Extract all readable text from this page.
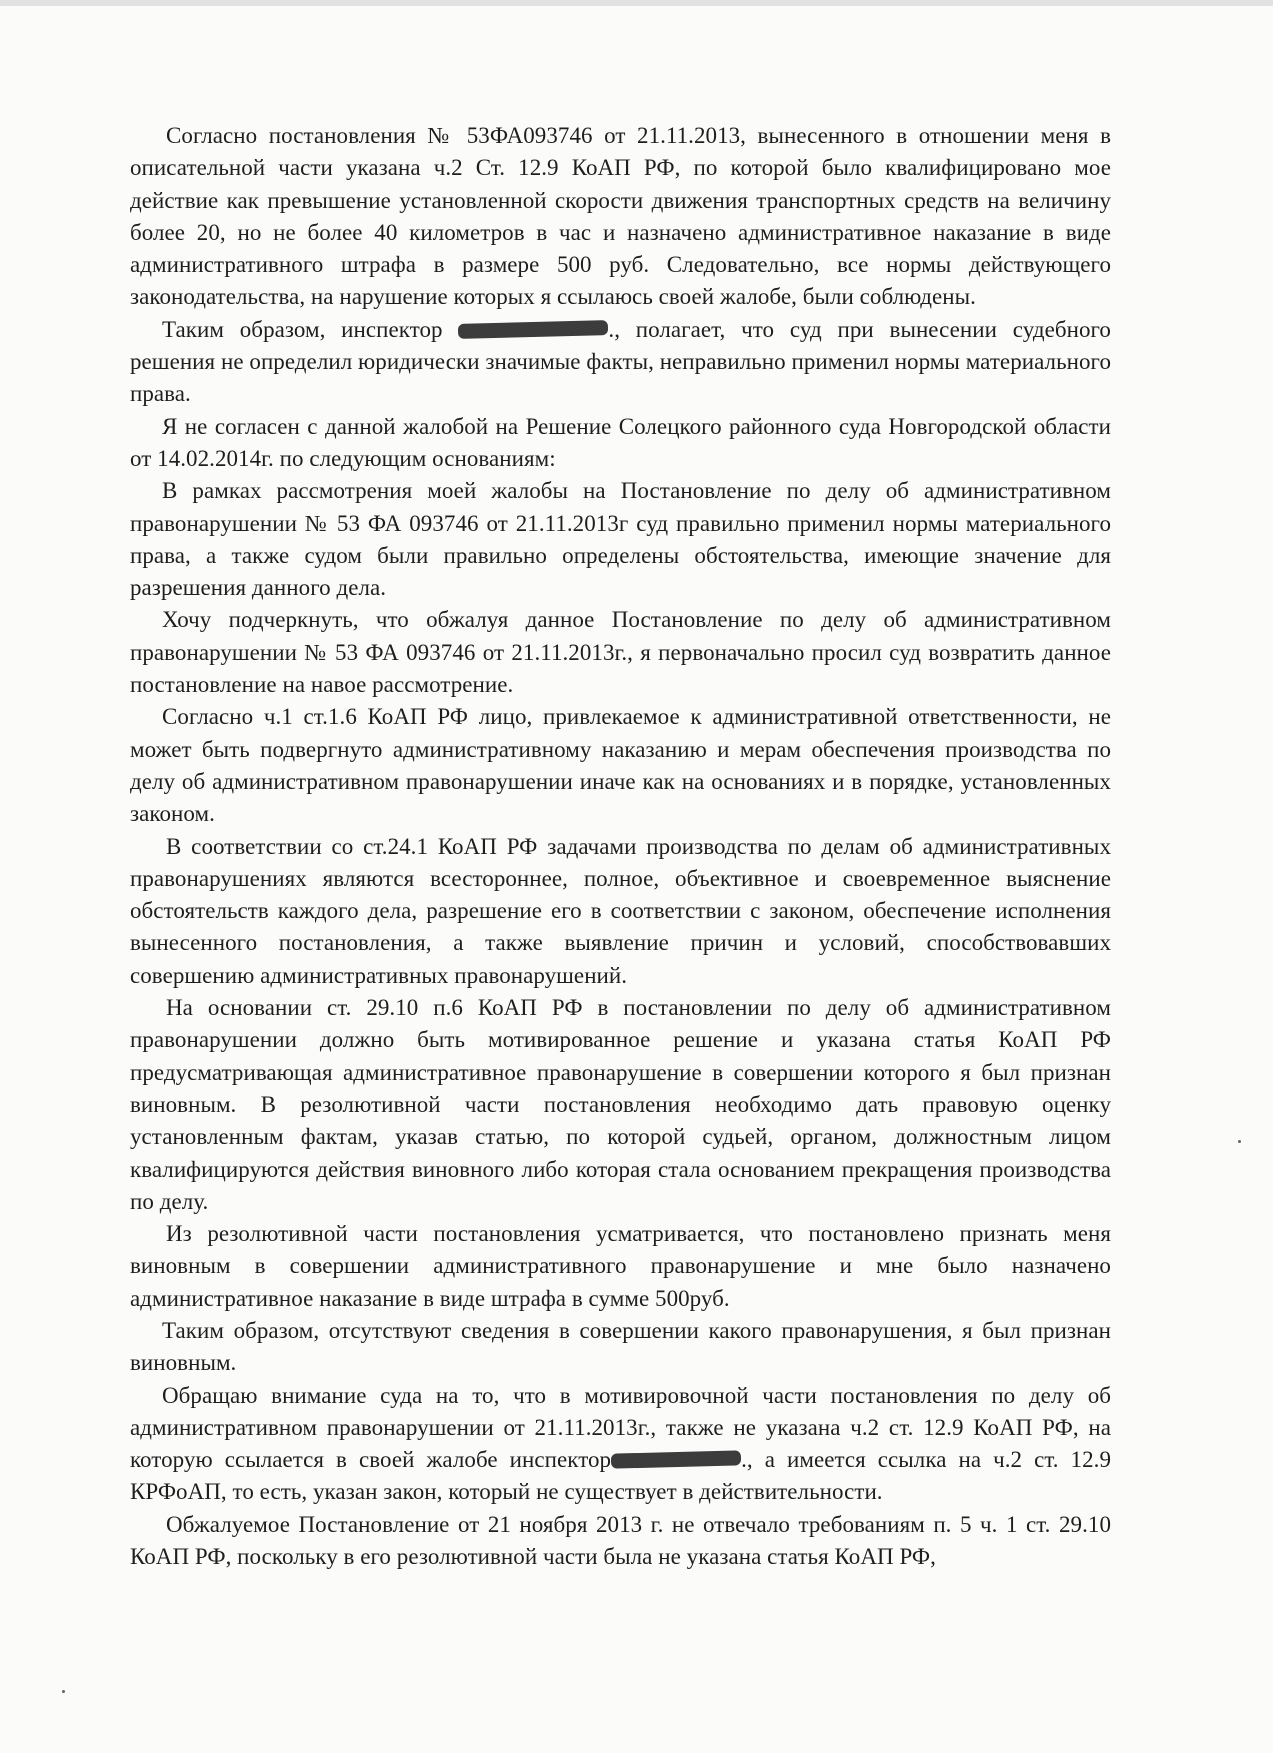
Согласно постановления № 53ФА093746 от 21.11.2013, вынесенного в отношении меня в описательной части указана ч.2 Ст. 12.9 КоАП РФ, по которой было квалифицировано мое действие как превышение установленной скорости движения транспортных средств на величину более 20, но не более 40 километров в час и назначено административное наказание в виде административного штрафа в размере 500 руб. Следовательно, все нормы действующего законодательства, на нарушение которых я ссылаюсь своей жалобе, были соблюдены.

Таким образом, инспектор	., полагает, что суд при вынесении судебного решения не определил юридически значимые факты, неправильно применил нормы материального права.

Я не согласен с данной жалобой на Решение Солецкого районного суда Новгородской области от 14.02.2014г. по следующим основаниям:

В рамках рассмотрения моей жалобы на Постановление по делу об административном правонарушении № 53 ФА 093746 от 21.11.2013г суд правильно применил нормы материального права, а также судом были правильно определены обстоятельства, имеющие значение для разрешения данного дела.

Хочу подчеркнуть, что обжалуя данное Постановление по делу об административном правонарушении № 53 ФА 093746 от 21.11.2013г., я первоначально просил суд возвратить данное постановление на навое рассмотрение.

Согласно ч.1 ст.1.6 КоАП РФ лицо, привлекаемое к административной ответственности, не может быть подвергнуто административному наказанию и мерам обеспечения производства по делу об административном правонарушении иначе как на основаниях и в порядке, установленных законом.

В соответствии со ст.24.1 КоАП РФ задачами производства по делам об административных правонарушениях являются всестороннее, полное, объективное и своевременное выяснение обстоятельств каждого дела, разрешение его в соответствии с законом, обеспечение исполнения вынесенного постановления, а также выявление причин и условий, способствовавших совершению административных правонарушений.

На основании ст. 29.10 п.6 КоАП РФ в постановлении по делу об административном правонарушении должно быть мотивированное решение и указана статья КоАП РФ предусматривающая административное правонарушение в совершении которого я был признан виновным. В резолютивной части постановления необходимо дать правовую оценку установленным фактам, указав статью, по которой судьей, органом, должностным лицом квалифицируются действия виновного либо которая стала основанием прекращения производства по делу.

Из резолютивной части постановления усматривается, что постановлено признать меня виновным в совершении административного правонарушение и мне было назначено административное наказание в виде штрафа в сумме 500руб.

Таким образом, отсутствуют сведения в совершении какого правонарушения, я был признан виновным.

Обращаю внимание суда на то, что в мотивировочной части постановления по делу об административном правонарушении от 21.11.2013г., также не указана ч.2 ст. 12.9 КоАП РФ, на которую ссылается в своей жалобе инспектор	., а имеется ссылка на ч.2 ст. 12.9 КРФоАП, то есть, указан закон, который не существует в действительности.

Обжалуемое Постановление от 21 ноября 2013 г. не отвечало требованиям п. 5 ч. 1 ст. 29.10 КоАП РФ, поскольку в его резолютивной части была не указана статья КоАП РФ,
